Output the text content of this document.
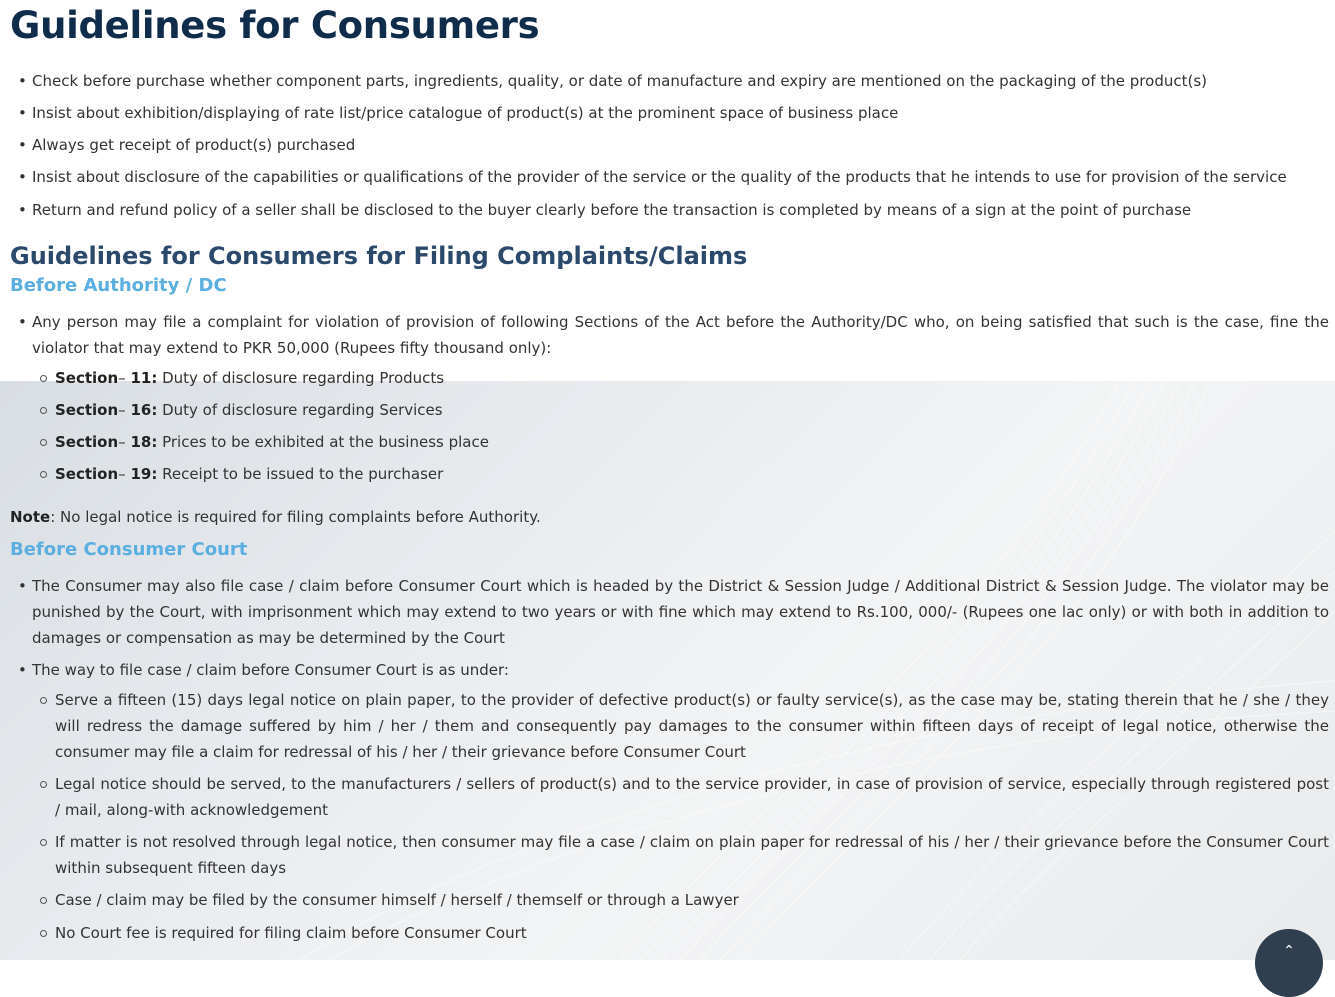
Guidelines for Consumers
• Check before purchase whether component parts, ingredients, quality, or date of manufacture and expiry are mentioned on the packaging of the product(s)
• Insist about exhibition/displaying of rate list/price catalogue of product(s) at the prominent space of business place
• Always get receipt of product(s) purchased
• Insist about disclosure of the capabilities or qualifications of the provider of the service or the quality of the products that he intends to use for provision of the service
• Return and refund policy of a seller shall be disclosed to the buyer clearly before the transaction is completed by means of a sign at the point of purchase
Guidelines for Consumers for Filing Complaints/Claims
Before Authority / DC
• Any person may file a complaint for violation of provision of following Sections of the Act before the Authority/DC who, on being satisfied that such is the case, fine the violator that may extend to PKR 50,000 (Rupees fifty thousand only):
Section– 11: Duty of disclosure regarding Products
Section– 16: Duty of disclosure regarding Services
Section– 18: Prices to be exhibited at the business place
Section– 19: Receipt to be issued to the purchaser

Note: No legal notice is required for filing complaints before Authority.

Before Consumer Court
• The Consumer may also file case / claim before Consumer Court which is headed by the District & Session Judge / Additional District & Session Judge. The violator may be punished by the Court, with imprisonment which may extend to two years or with fine which may extend to Rs.100, 000/- (Rupees one lac only) or with both in addition to damages or compensation as may be determined by the Court
• The way to file case / claim before Consumer Court is as under:
Serve a fifteen (15) days legal notice on plain paper, to the provider of defective product(s) or faulty service(s), as the case may be, stating therein that he / she / they will redress the damage suffered by him / her / them and consequently pay damages to the consumer within fifteen days of receipt of legal notice, otherwise the consumer may file a claim for redressal of his / her / their grievance before Consumer Court
Legal notice should be served, to the manufacturers / sellers of product(s) and to the service provider, in case of provision of service, especially through registered post / mail, along-with acknowledgement
If matter is not resolved through legal notice, then consumer may file a case / claim on plain paper for redressal of his / her / their grievance before the Consumer Court within subsequent fifteen days
Case / claim may be filed by the consumer himself / herself / themself or through a Lawyer
No Court fee is required for filing claim before Consumer Court
⌃
